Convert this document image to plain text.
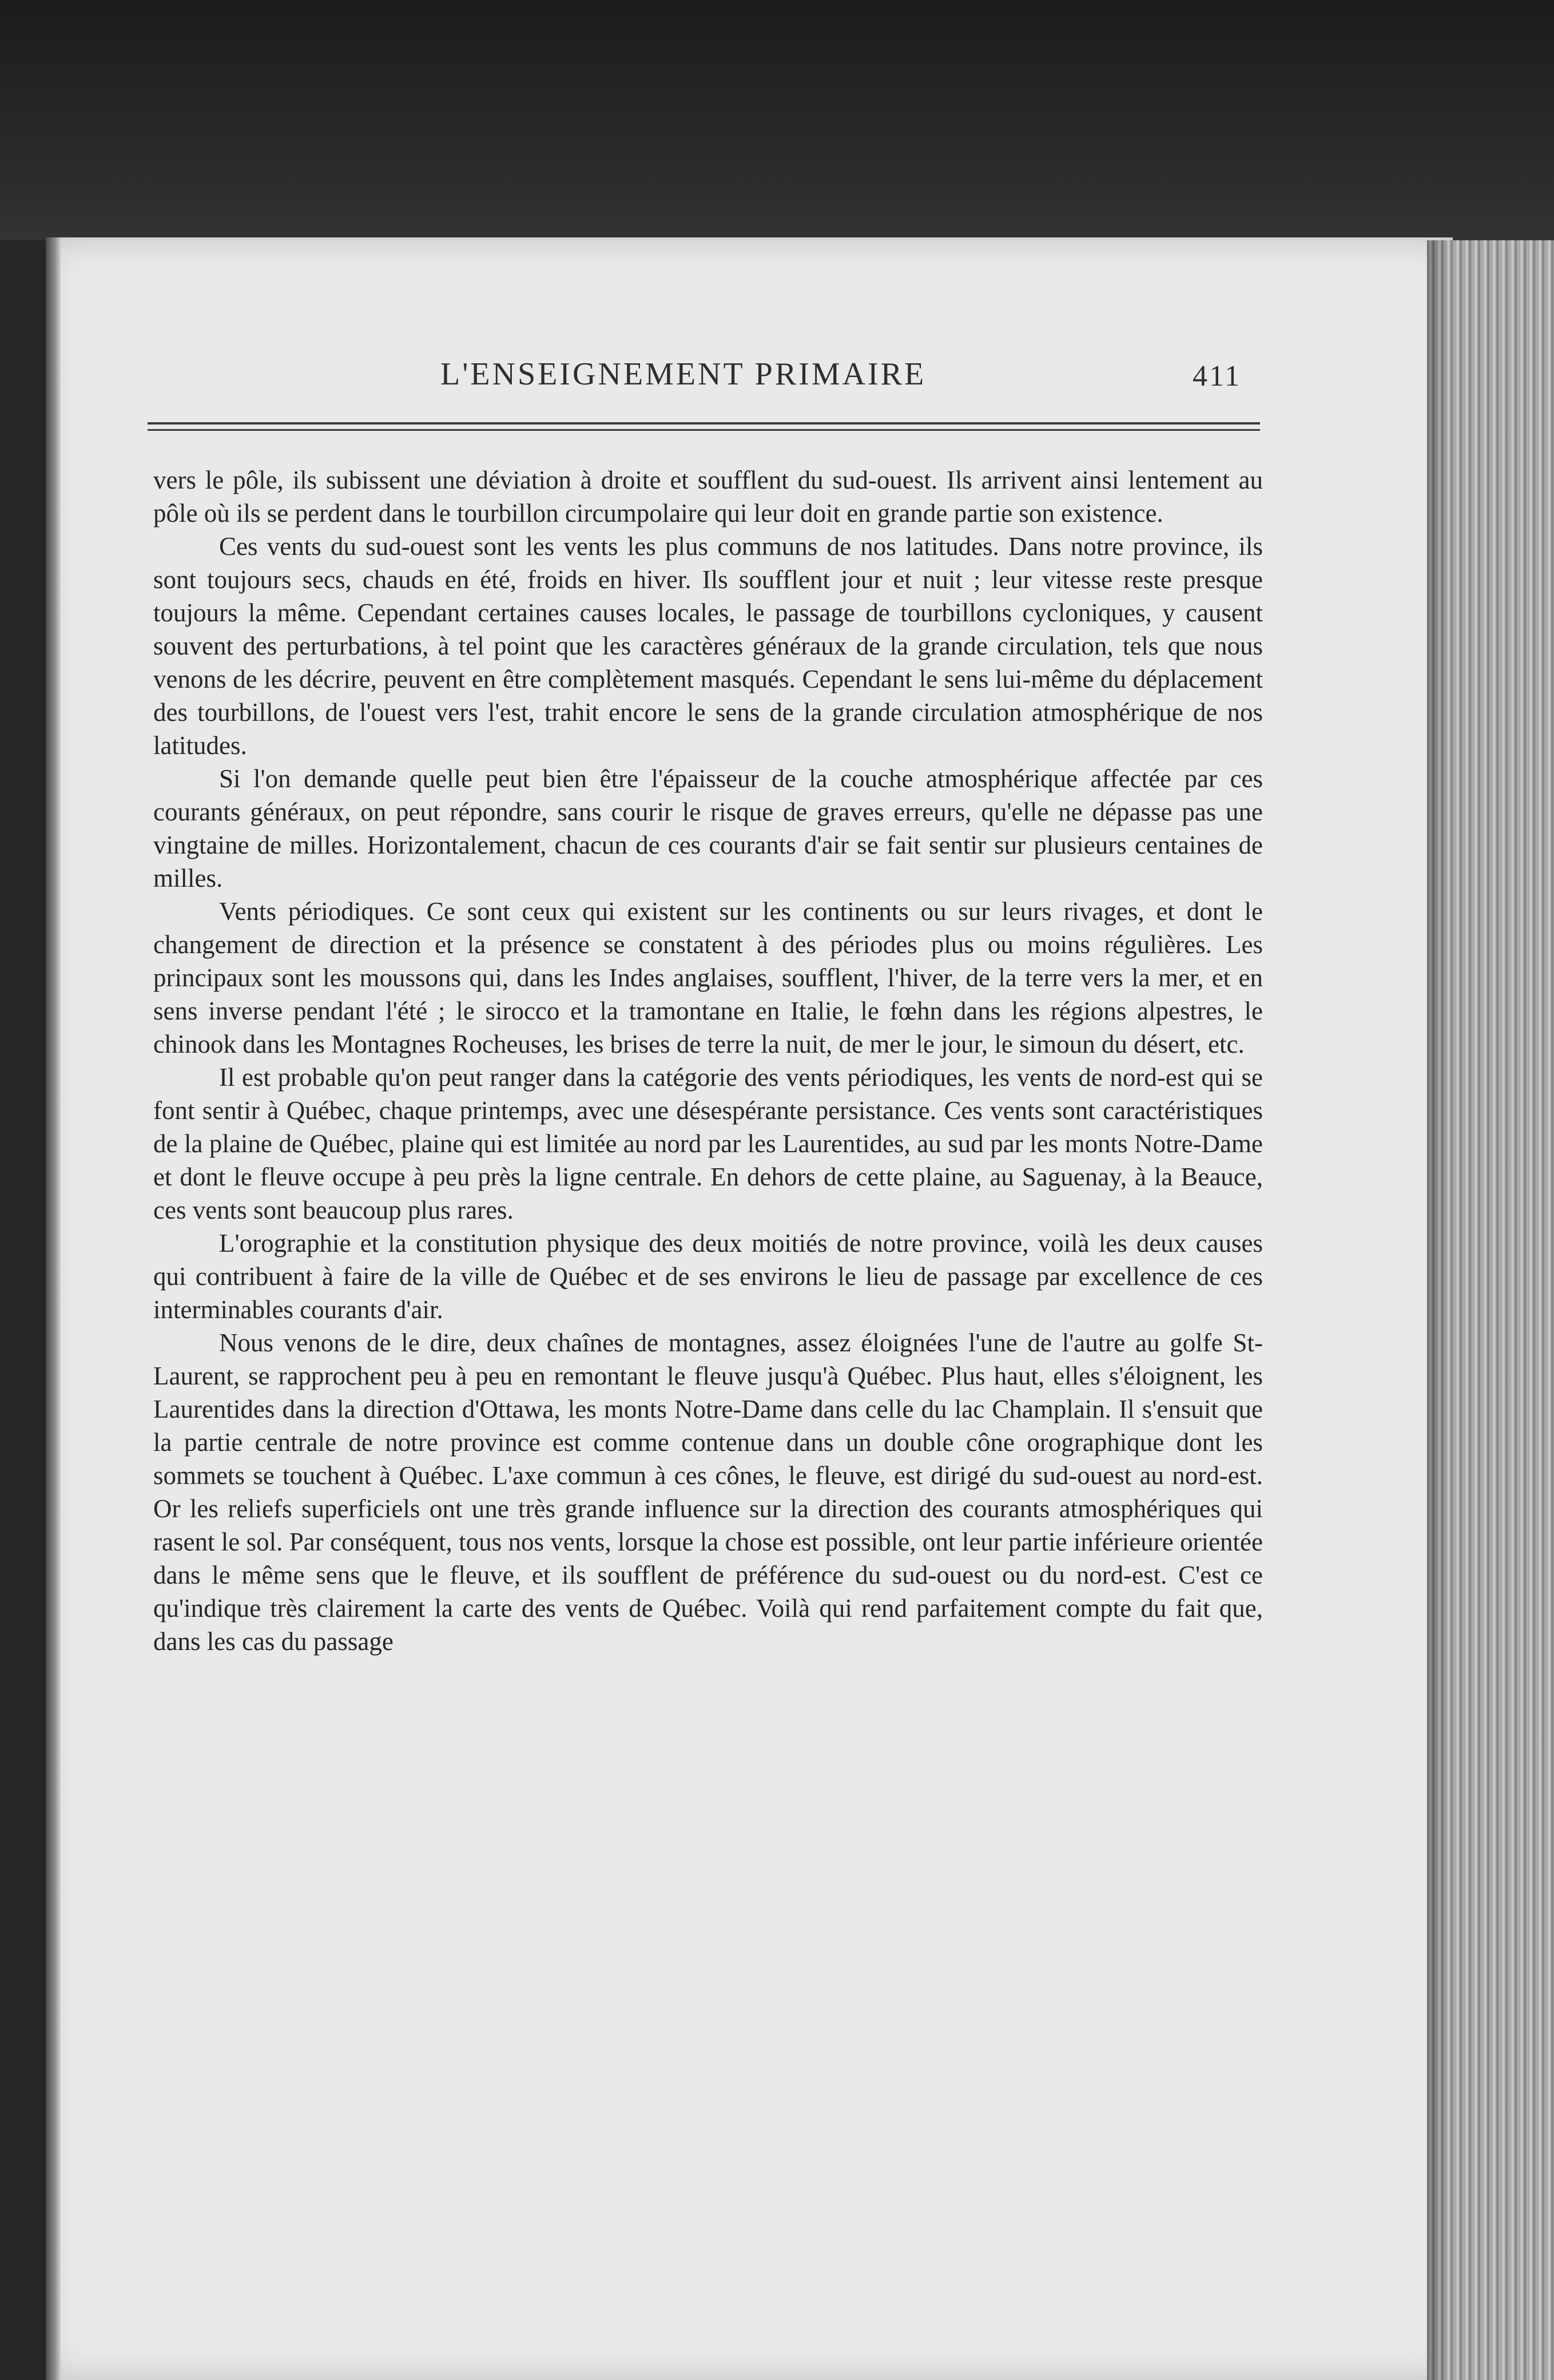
L'ENSEIGNEMENT PRIMAIRE	411

vers le pôle, ils subissent une déviation à droite et soufflent du sud-ouest. Ils arrivent ainsi lentement au pôle où ils se perdent dans le tourbillon circumpolaire qui leur doit en grande partie son existence.

Ces vents du sud-ouest sont les vents les plus communs de nos latitudes. Dans notre province, ils sont toujours secs, chauds en été, froids en hiver. Ils soufflent jour et nuit ; leur vitesse reste presque toujours la même. Cependant certaines causes locales, le passage de tourbillons cycloniques, y causent souvent des perturbations, à tel point que les caractères généraux de la grande circulation, tels que nous venons de les décrire, peuvent en être complètement masqués. Cependant le sens lui-même du déplacement des tourbillons, de l'ouest vers l'est, trahit encore le sens de la grande circulation atmosphérique de nos latitudes.

Si l'on demande quelle peut bien être l'épaisseur de la couche atmosphérique affectée par ces courants généraux, on peut répondre, sans courir le risque de graves erreurs, qu'elle ne dépasse pas une vingtaine de milles. Horizontalement, chacun de ces courants d'air se fait sentir sur plusieurs centaines de milles.

Vents périodiques. Ce sont ceux qui existent sur les continents ou sur leurs rivages, et dont le changement de direction et la présence se constatent à des périodes plus ou moins régulières. Les principaux sont les moussons qui, dans les Indes anglaises, soufflent, l'hiver, de la terre vers la mer, et en sens inverse pendant l'été ; le sirocco et la tramontane en Italie, le fœhn dans les régions alpestres, le chinook dans les Montagnes Rocheuses, les brises de terre la nuit, de mer le jour, le simoun du désert, etc.

Il est probable qu'on peut ranger dans la catégorie des vents périodiques, les vents de nord-est qui se font sentir à Québec, chaque printemps, avec une désespérante persistance. Ces vents sont caractéristiques de la plaine de Québec, plaine qui est limitée au nord par les Laurentides, au sud par les monts Notre-Dame et dont le fleuve occupe à peu près la ligne centrale. En dehors de cette plaine, au Saguenay, à la Beauce, ces vents sont beaucoup plus rares.

L'orographie et la constitution physique des deux moitiés de notre province, voilà les deux causes qui contribuent à faire de la ville de Québec et de ses environs le lieu de passage par excellence de ces interminables courants d'air.

Nous venons de le dire, deux chaînes de montagnes, assez éloignées l'une de l'autre au golfe St-Laurent, se rapprochent peu à peu en remontant le fleuve jusqu'à Québec. Plus haut, elles s'éloignent, les Laurentides dans la direction d'Ottawa, les monts Notre-Dame dans celle du lac Champlain. Il s'ensuit que la partie centrale de notre province est comme contenue dans un double cône orographique dont les sommets se touchent à Québec. L'axe commun à ces cônes, le fleuve, est dirigé du sud-ouest au nord-est. Or les reliefs superficiels ont une très grande influence sur la direction des courants atmosphériques qui rasent le sol. Par conséquent, tous nos vents, lorsque la chose est possible, ont leur partie inférieure orientée dans le même sens que le fleuve, et ils soufflent de préférence du sud-ouest ou du nord-est. C'est ce qu'indique très clairement la carte des vents de Québec. Voilà qui rend parfaitement compte du fait que, dans les cas du passage
